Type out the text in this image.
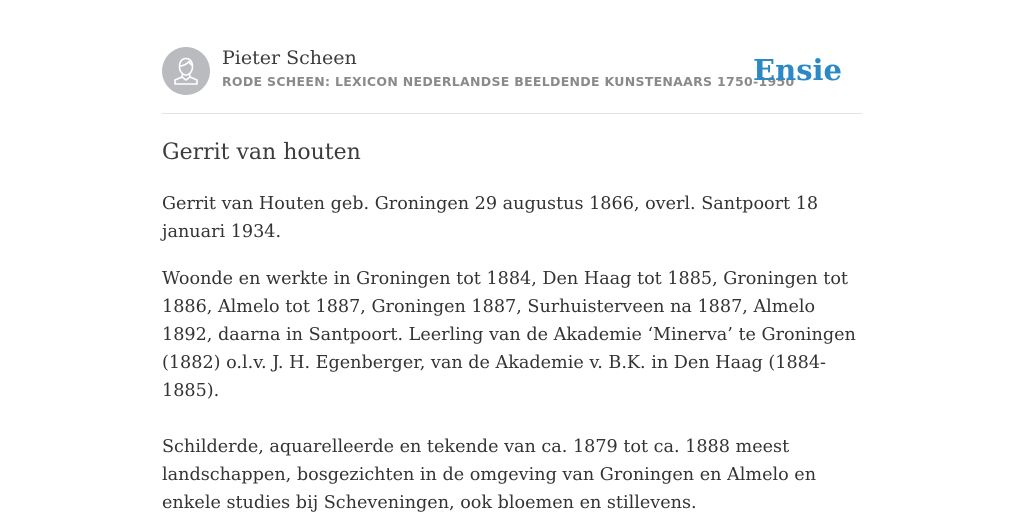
Pieter Scheen
RODE SCHEEN: LEXICON NEDERLANDSE BEELDENDE KUNSTENAARS 1750-1950
Ensie
Gerrit van houten

Gerrit van Houten geb. Groningen 29 augustus 1866, overl. Santpoort 18 januari 1934.

Woonde en werkte in Groningen tot 1884, Den Haag tot 1885, Groningen tot 1886, Almelo tot 1887, Groningen 1887, Surhuisterveen na 1887, Almelo 1892, daarna in Santpoort. Leerling van de Akademie ‘Minerva’ te Groningen (1882) o.l.v. J. H. Egenberger, van de Akademie v. B.K. in Den Haag (1884-1885).

Schilderde, aquarelleerde en tekende van ca. 1879 tot ca. 1888 meest landschappen, bosgezichten in de omgeving van Groningen en Almelo en enkele studies bij Scheveningen, ook bloemen en stillevens.
